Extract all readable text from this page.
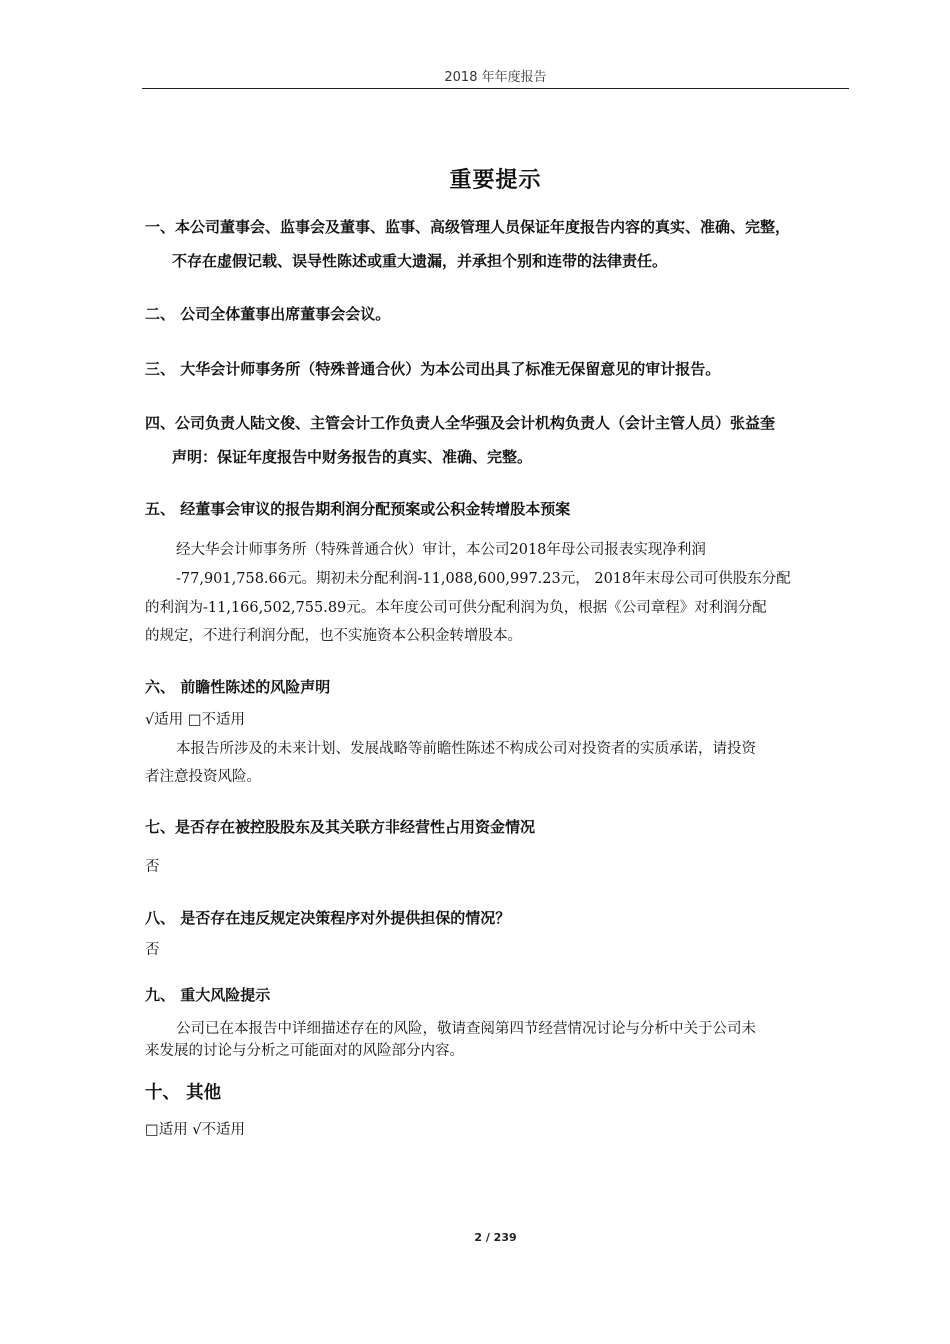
2018 年年度报告
重要提示
一、本公司董事会、监事会及董事、监事、高级管理人员保证年度报告内容的真实、准确、完整，
不存在虚假记载、误导性陈述或重大遗漏，并承担个别和连带的法律责任。
二、 公司全体董事出席董事会会议。
三、 大华会计师事务所（特殊普通合伙）为本公司出具了标准无保留意见的审计报告。
四、公司负责人陆文俊、主管会计工作负责人全华强及会计机构负责人（会计主管人员）张益奎
声明：保证年度报告中财务报告的真实、准确、完整。
五、 经董事会审议的报告期利润分配预案或公积金转增股本预案
经大华会计师事务所（特殊普通合伙）审计，本公司2018年母公司报表实现净利润
-77,901,758.66元。期初未分配利润-11,088,600,997.23元， 2018年末母公司可供股东分配
的利润为-11,166,502,755.89元。本年度公司可供分配利润为负，根据《公司章程》对利润分配
的规定，不进行利润分配，也不实施资本公积金转增股本。
六、 前瞻性陈述的风险声明
√适用 □不适用
本报告所涉及的未来计划、发展战略等前瞻性陈述不构成公司对投资者的实质承诺，请投资
者注意投资风险。
七、是否存在被控股股东及其关联方非经营性占用资金情况
否
八、 是否存在违反规定决策程序对外提供担保的情况？
否
九、 重大风险提示
公司已在本报告中详细描述存在的风险，敬请查阅第四节经营情况讨论与分析中关于公司未
来发展的讨论与分析之可能面对的风险部分内容。
十、 其他
□适用 √不适用
2 / 239
